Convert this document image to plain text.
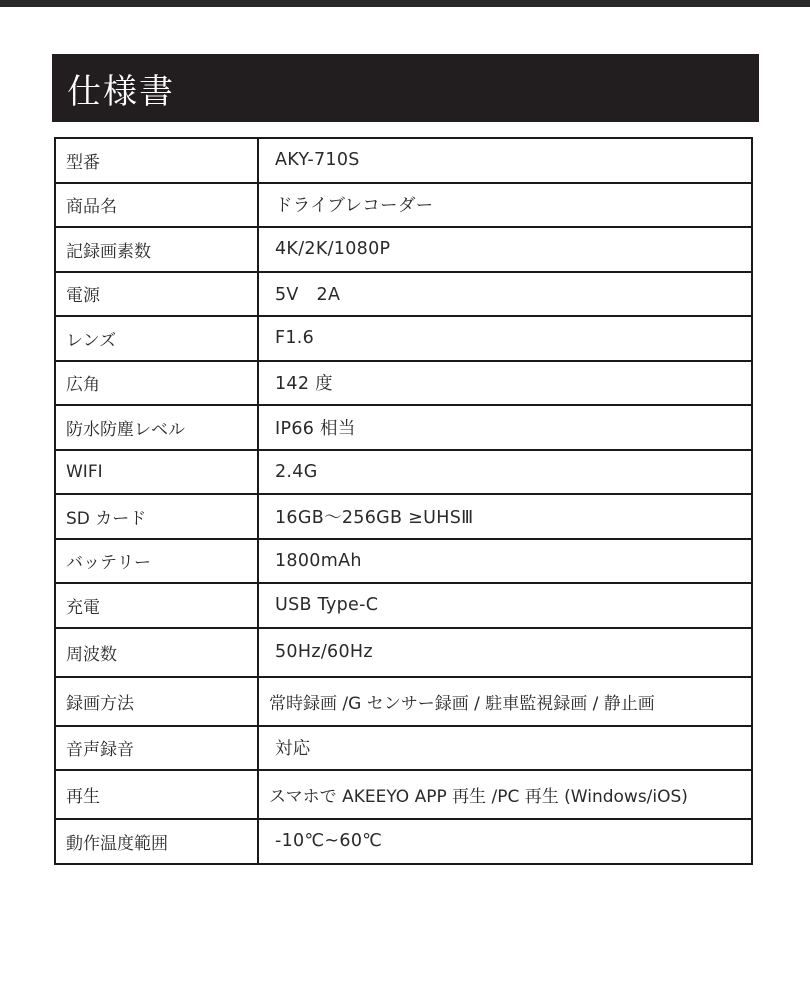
仕様書
型番	AKY-710S
商品名	ドライブレコーダー
記録画素数	4K/2K/1080P
電源	5V　2A
レンズ	F1.6
広角	142 度
防水防塵レベル	IP66 相当
WIFI	2.4G
SD カード	16GB～256GB ≥UHSⅢ
バッテリー	1800mAh
充電	USB Type-C
周波数	50Hz/60Hz
録画方法	常時録画 /G センサー録画 / 駐車監視録画 / 静止画
音声録音	対応
再生	スマホで AKEEYO APP 再生 /PC 再生 (Windows/iOS)
動作温度範囲	-10℃~60℃
